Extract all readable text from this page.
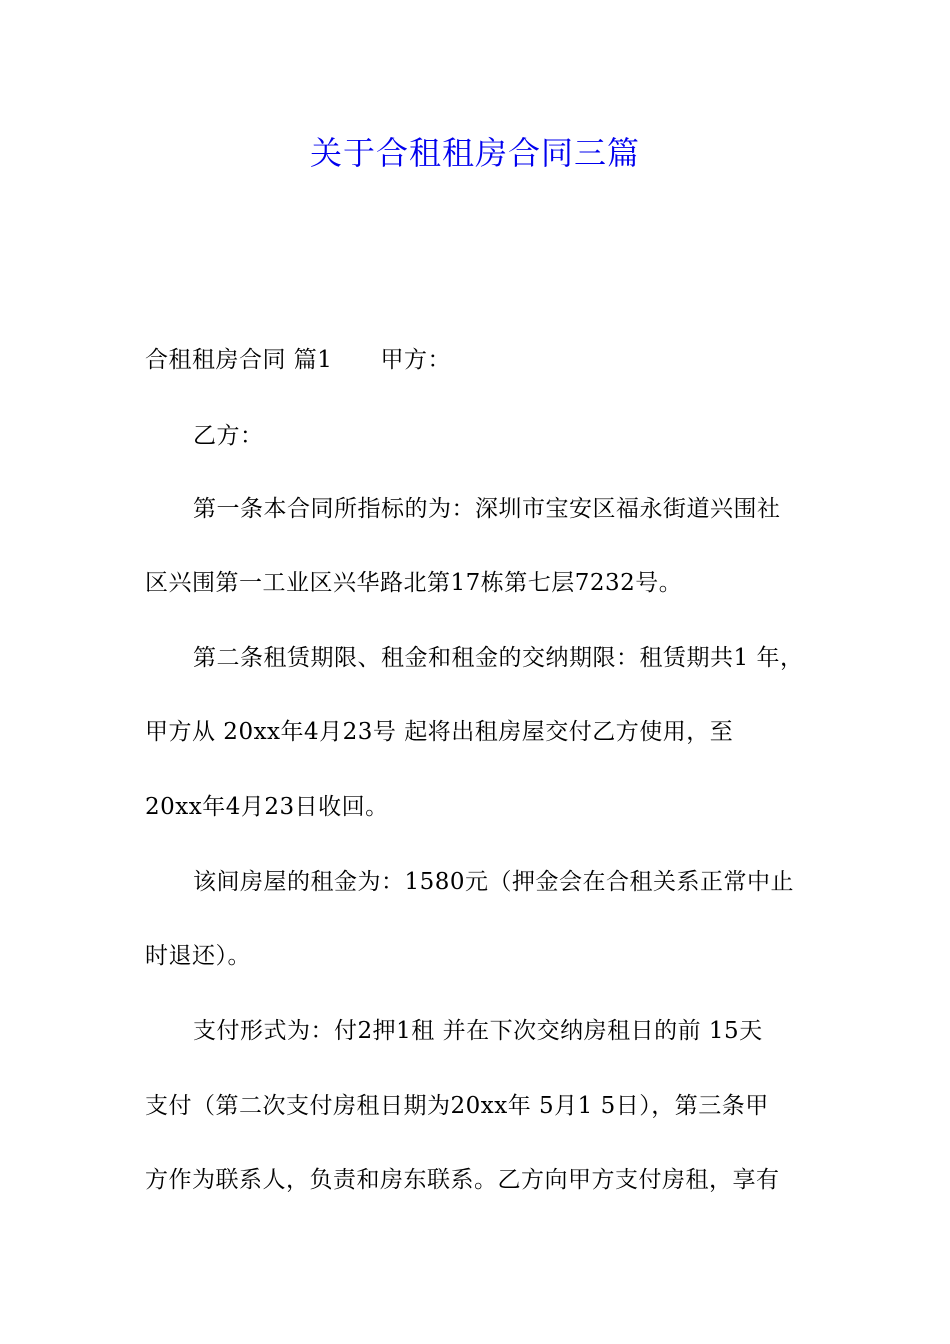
关于合租租房合同三篇
合租租房合同 篇1 甲方：
乙方：
第一条本合同所指标的为：深圳市宝安区福永街道兴围社
区兴围第一工业区兴华路北第17栋第七层7232号。
第二条租赁期限、租金和租金的交纳期限：租赁期共1 年，
甲方从 20xx年4月23号 起将出租房屋交付乙方使用，至
20xx年4月23日收回。
该间房屋的租金为：1580元（押金会在合租关系正常中止
时退还）。
支付形式为：付2押1租 并在下次交纳房租日的前 15天
支付（第二次支付房租日期为20xx年 5月1 5日），第三条甲
方作为联系人，负责和房东联系。乙方向甲方支付房租，享有
